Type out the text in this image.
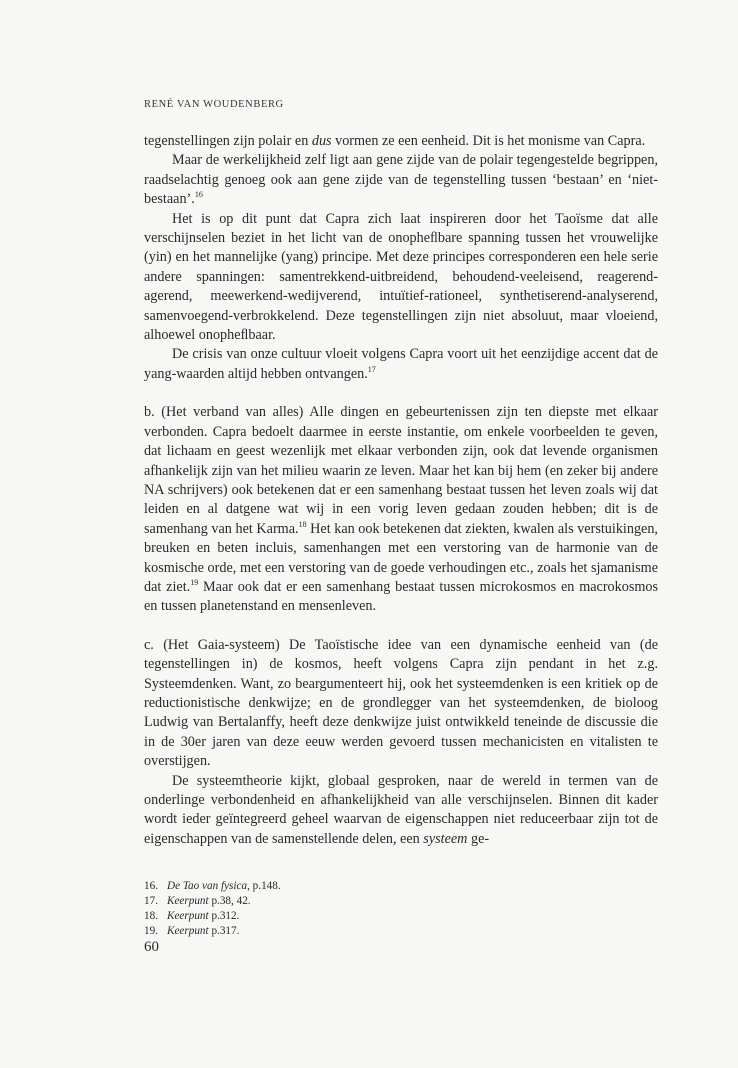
RENÉ VAN WOUDENBERG

tegenstellingen zijn polair en dus vormen ze een eenheid. Dit is het monisme van Capra.

Maar de werkelijkheid zelf ligt aan gene zijde van de polair tegengestelde begrippen, raadselachtig genoeg ook aan gene zijde van de tegenstelling tussen ‘bestaan’ en ‘niet-bestaan’.$^{16}$

Het is op dit punt dat Capra zich laat inspireren door het Taoïsme dat alle verschijnselen beziet in het licht van de onopheﬂbare spanning tussen het vrouwelijke (yin) en het mannelijke (yang) principe. Met deze principes corresponderen een hele serie andere spanningen: samentrekkend-uitbreidend, behoudend-veeleisend, reagerend-agerend, meewerkend-wedijverend, intuïtief-rationeel, synthetiserend-analyserend, samenvoegend-verbrokkelend. Deze tegenstellingen zijn niet absoluut, maar vloeiend, alhoewel onopheﬂbaar.

De crisis van onze cultuur vloeit volgens Capra voort uit het eenzijdige accent dat de yang-waarden altijd hebben ontvangen.$^{17}$

b. (Het verband van alles) Alle dingen en gebeurtenissen zijn ten diepste met elkaar verbonden. Capra bedoelt daarmee in eerste instantie, om enkele voorbeelden te geven, dat lichaam en geest wezenlijk met elkaar verbonden zijn, ook dat levende organismen afhankelijk zijn van het milieu waarin ze leven. Maar het kan bij hem (en zeker bij andere NA schrijvers) ook betekenen dat er een samenhang bestaat tussen het leven zoals wij dat leiden en al datgene wat wij in een vorig leven gedaan zouden hebben; dit is de samenhang van het Karma.$^{18}$ Het kan ook betekenen dat ziekten, kwalen als verstuikingen, breuken en beten incluis, samenhangen met een verstoring van de harmonie van de kosmische orde, met een verstoring van de goede verhoudingen etc., zoals het sjamanisme dat ziet.$^{19}$ Maar ook dat er een samenhang bestaat tussen microkosmos en macrokosmos en tussen planetenstand en mensenleven.

c. (Het Gaia-systeem) De Taoïstische idee van een dynamische eenheid van (de tegenstellingen in) de kosmos, heeft volgens Capra zijn pendant in het z.g. Systeemdenken. Want, zo beargumenteert hij, ook het systeemdenken is een kritiek op de reductionistische denkwijze; en de grondlegger van het systeemdenken, de bioloog Ludwig van Bertalanffy, heeft deze denkwijze juist ontwikkeld teneinde de discussie die in de 30er jaren van deze eeuw werden gevoerd tussen mechanicisten en vitalisten te overstijgen.

De systeemtheorie kijkt, globaal gesproken, naar de wereld in termen van de onderlinge verbondenheid en afhankelijkheid van alle verschijnselen. Binnen dit kader wordt ieder geïntegreerd geheel waarvan de eigenschappen niet reduceerbaar zijn tot de eigenschappen van de samenstellende delen, een systeem ge-

16. De Tao van fysica, p.148.
17. Keerpunt p.38, 42.
18. Keerpunt p.312.
19. Keerpunt p.317.
60
